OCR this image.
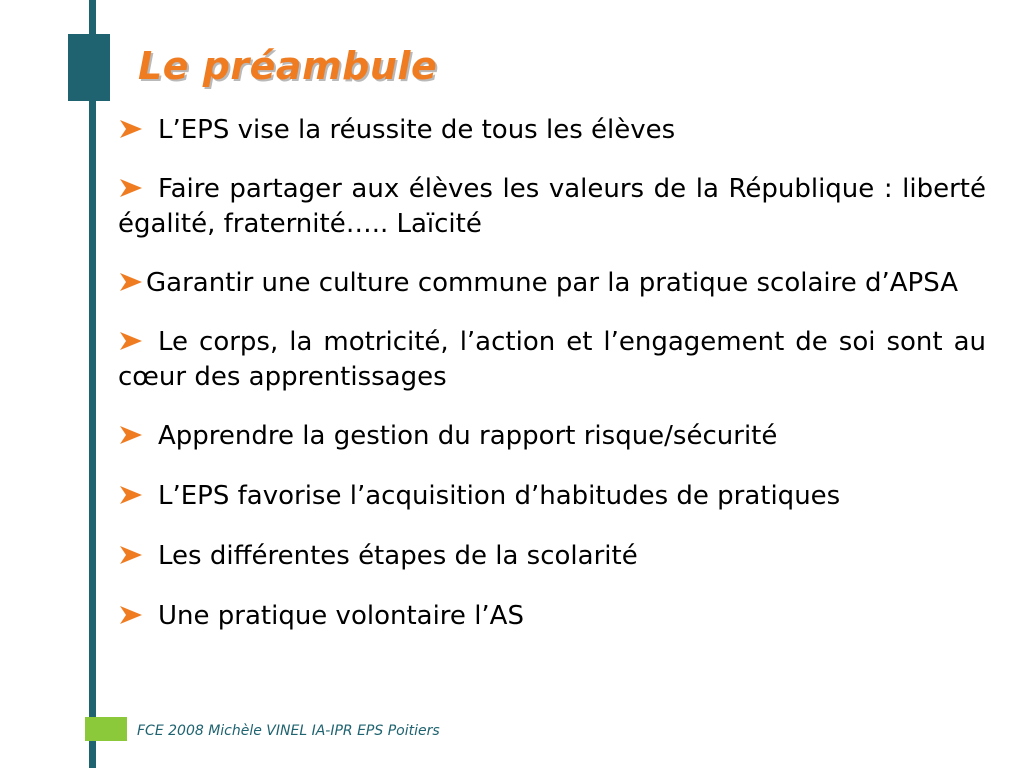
Le préambule
L’EPS vise la réussite de tous les élèves
Faire partager aux élèves les valeurs de la République : liberté égalité, fraternité….. Laïcité
Garantir une culture commune par la pratique scolaire d’APSA
Le corps, la motricité, l’action et l’engagement de soi sont au cœur des apprentissages
Apprendre la gestion du rapport risque/sécurité
L’EPS favorise l’acquisition d’habitudes de pratiques
Les différentes étapes de la scolarité
Une pratique volontaire l’AS
FCE 2008 Michèle VINEL IA-IPR EPS Poitiers
